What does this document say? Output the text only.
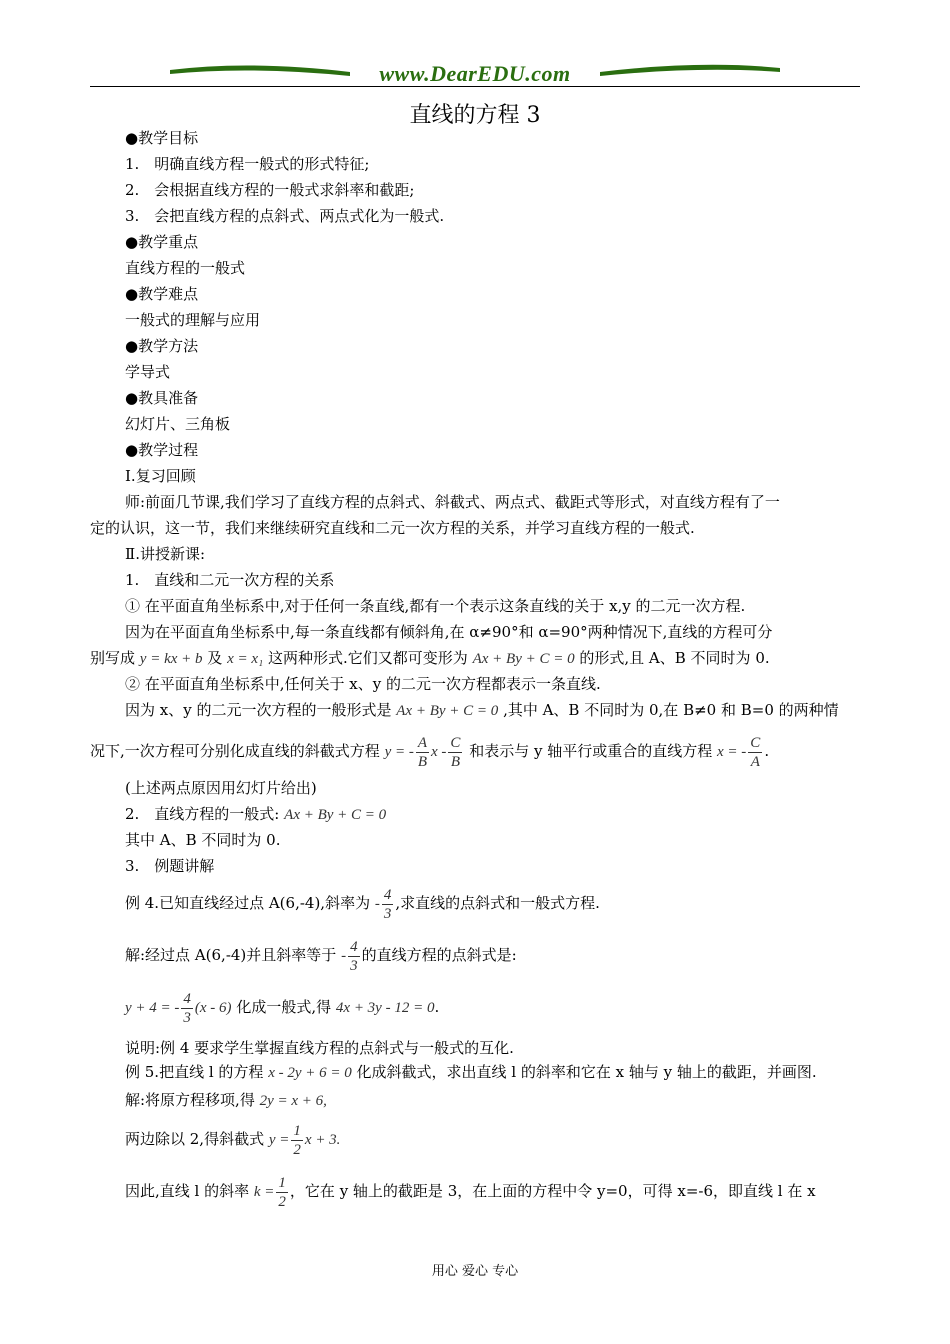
www.DearEDU.com
直线的方程 3
●教学目标
1.　明确直线方程一般式的形式特征;
2.　会根据直线方程的一般式求斜率和截距;
3.　会把直线方程的点斜式、两点式化为一般式.
●教学重点
直线方程的一般式
●教学难点
一般式的理解与应用
●教学方法
学导式
●教具准备
幻灯片、三角板
●教学过程
Ⅰ.复习回顾
师:前面几节课,我们学习了直线方程的点斜式、斜截式、两点式、截距式等形式，对直线方程有了一
定的认识，这一节，我们来继续研究直线和二元一次方程的关系，并学习直线方程的一般式.
Ⅱ.讲授新课:
1.　直线和二元一次方程的关系
① 在平面直角坐标系中,对于任何一条直线,都有一个表示这条直线的关于 x,y 的二元一次方程.
因为在平面直角坐标系中,每一条直线都有倾斜角,在 α≠90°和 α=90°两种情况下,直线的方程可分
别写成 y = kx + b 及 x = x₁ 这两种形式.它们又都可变形为 Ax + By + C = 0 的形式,且 A、B 不同时为 0.
② 在平面直角坐标系中,任何关于 x、y 的二元一次方程都表示一条直线.
因为 x、y 的二元一次方程的一般形式是 Ax + By + C = 0 ,其中 A、B 不同时为 0,在 B≠0 和 B=0 的两种情
况下,一次方程可分别化成直线的斜截式方程 y = - $\frac{A}{B}$ x - $\frac{C}{B}$ 和表示与 y 轴平行或重合的直线方程 x = - $\frac{C}{A}$ .
(上述两点原因用幻灯片给出)
2.　直线方程的一般式: Ax + By + C = 0
其中 A、B 不同时为 0.
3.　例题讲解
例 4.已知直线经过点 A(6,-4),斜率为 - $\frac{4}{3}$ ,求直线的点斜式和一般式方程.
解:经过点 A(6,-4)并且斜率等于 - $\frac{4}{3}$ 的直线方程的点斜式是:
y + 4 = - $\frac{4}{3} (x - 6)$ 化成一般式,得 4x + 3y - 12 = 0.
说明:例 4 要求学生掌握直线方程的点斜式与一般式的互化.
例 5.把直线 l 的方程 x - 2y + 6 = 0 化成斜截式，求出直线 l 的斜率和它在 x 轴与 y 轴上的截距，并画图.
解:将原方程移项,得 2y = x + 6,
两边除以 2,得斜截式 $y = \frac{1}{2}$ x + 3.
因此,直线 l 的斜率 $k = \frac{1}{2}$ ，它在 y 轴上的截距是 3，在上面的方程中令 y=0，可得 x=-6，即直线 l 在 x
用心 爱心 专心
